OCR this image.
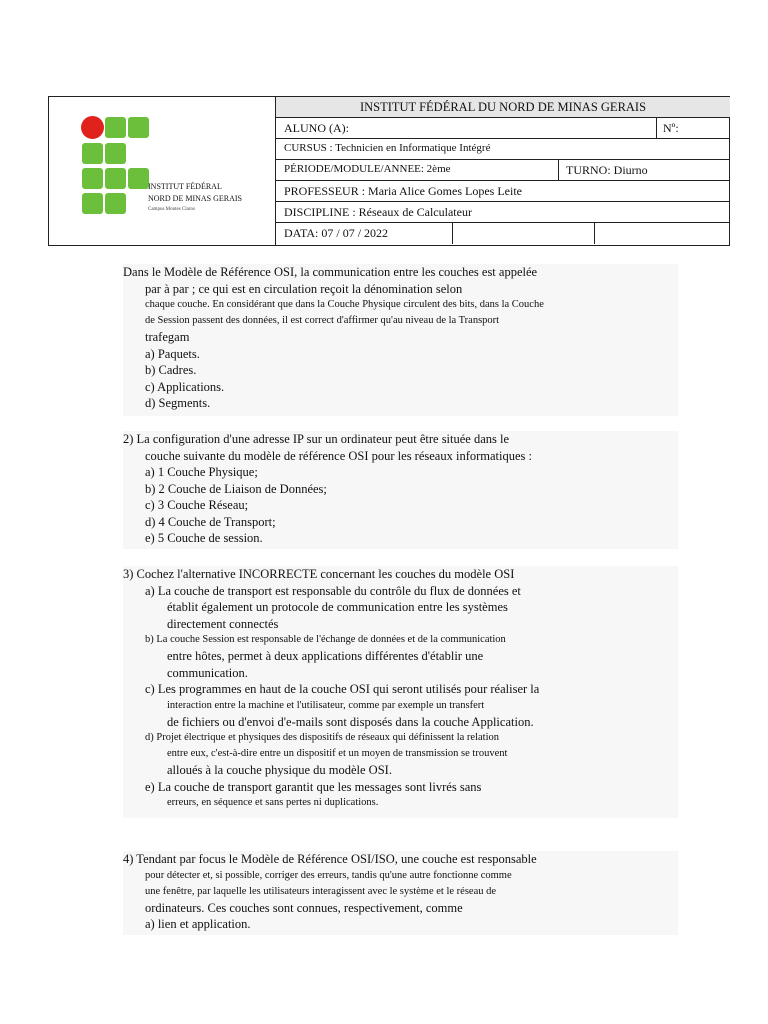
INSTITUT FÉDÉRAL
NORD DE MINAS GERAIS
Campus Montes Claros
INSTITUT FÉDÉRAL DU NORD DE MINAS GERAIS
ALUNO (A):	Nº:
CURSUS : Technicien en Informatique Intégré
PÉRIODE/MODULE/ANNEE: 2ème	TURNO: Diurno
PROFESSEUR : Maria Alice Gomes Lopes Leite
DISCIPLINE : Réseaux de Calculateur
DATA: 07 / 07 / 2022

Dans le Modèle de Référence OSI, la communication entre les couches est appelée

par à par ; ce qui est en circulation reçoit la dénomination selon

chaque couche. En considérant que dans la Couche Physique circulent des bits, dans la Couche

de Session passent des données, il est correct d'affirmer qu'au niveau de la Transport

trafegam

a) Paquets.

b) Cadres.

c) Applications.

d) Segments.

2) La configuration d'une adresse IP sur un ordinateur peut être située dans le

couche suivante du modèle de référence OSI pour les réseaux informatiques :

a) 1 Couche Physique;

b) 2 Couche de Liaison de Données;

c) 3 Couche Réseau;

d) 4 Couche de Transport;

e) 5 Couche de session.

3) Cochez l'alternative INCORRECTE concernant les couches du modèle OSI

a) La couche de transport est responsable du contrôle du flux de données et

établit également un protocole de communication entre les systèmes

directement connectés

b) La couche Session est responsable de l'échange de données et de la communication

entre hôtes, permet à deux applications différentes d'établir une

communication.

c) Les programmes en haut de la couche OSI qui seront utilisés pour réaliser la

interaction entre la machine et l'utilisateur, comme par exemple un transfert

de fichiers ou d'envoi d'e-mails sont disposés dans la couche Application.

d) Projet électrique et physiques des dispositifs de réseaux qui définissent la relation

entre eux, c'est-à-dire entre un dispositif et un moyen de transmission se trouvent

alloués à la couche physique du modèle OSI.

e) La couche de transport garantit que les messages sont livrés sans

erreurs, en séquence et sans pertes ni duplications.

4) Tendant par focus le Modèle de Référence OSI/ISO, une couche est responsable

pour détecter et, si possible, corriger des erreurs, tandis qu'une autre fonctionne comme

une fenêtre, par laquelle les utilisateurs interagissent avec le système et le réseau de

ordinateurs. Ces couches sont connues, respectivement, comme

a) lien et application.
